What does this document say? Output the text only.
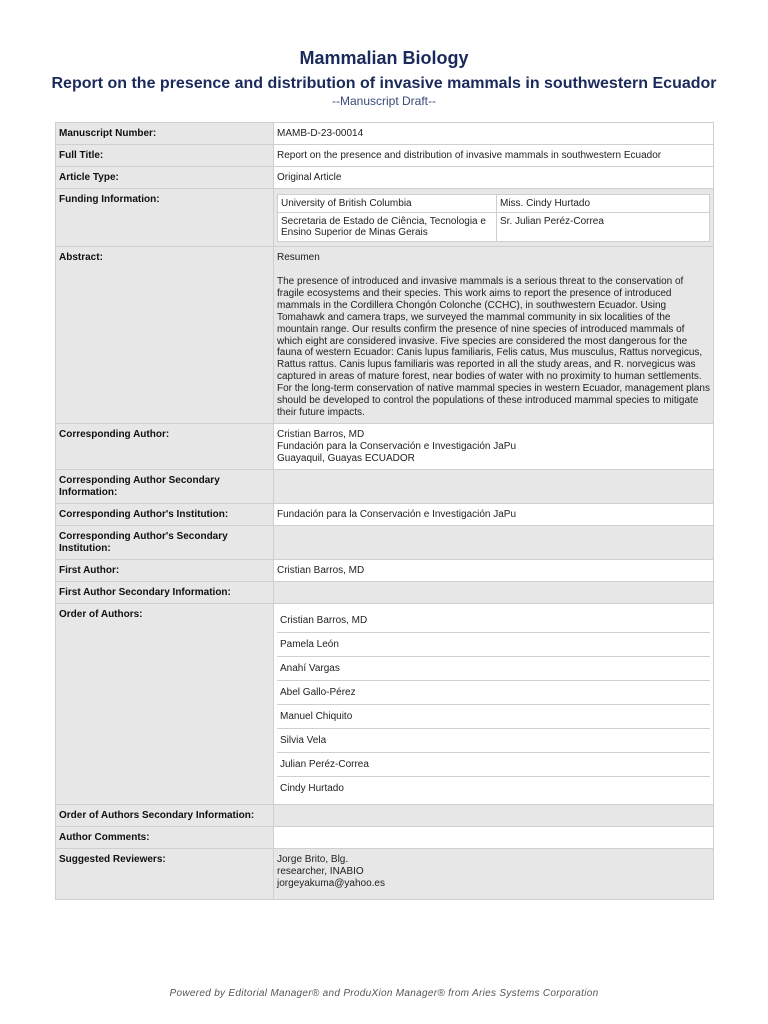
Mammalian Biology
Report on the presence and distribution of invasive mammals in southwestern Ecuador
--Manuscript Draft--
Manuscript Number:	MAMB-D-23-00014
Full Title:	Report on the presence and distribution of invasive mammals in southwestern Ecuador
Article Type:	Original Article
Funding Information:		University of British Columbia	Miss. Cindy Hurtado
Secretaria de Estado de Ciência, Tecnologia e Ensino Superior de Minas Gerais	Sr. Julian Peréz-Correa

Abstract:	Resumen
The presence of introduced and invasive mammals is a serious threat to the conservation of fragile ecosystems and their species. This work aims to report the presence of introduced mammals in the Cordillera Chongón Colonche (CCHC), in southwestern Ecuador. Using Tomahawk and camera traps, we surveyed the mammal community in six localities of the mountain range. Our results confirm the presence of nine species of introduced mammals of which eight are considered invasive. Five species are considered the most dangerous for the fauna of western Ecuador: Canis lupus familiaris, Felis catus, Mus musculus, Rattus norvegicus, Rattus rattus. Canis lupus familiaris was reported in all the study areas, and R. norvegicus was captured in areas of mature forest, near bodies of water with no proximity to human settlements. For the long-term conservation of native mammal species in western Ecuador, management plans should be developed to control the populations of these introduced mammal species to mitigate their future impacts.

Corresponding Author:	Cristian Barros, MD
Fundación para la Conservación e Investigación JaPu
Guayaquil, Guayas ECUADOR

Corresponding Author Secondary Information:	
Corresponding Author's Institution:	Fundación para la Conservación e Investigación JaPu
Corresponding Author's Secondary Institution:	
First Author:	Cristian Barros, MD
First Author Secondary Information:	
Order of Authors:	
Cristian Barros, MD
Pamela León
Anahí Vargas
Abel Gallo-Pérez
Manuel Chiquito
Silvia Vela
Julian Peréz-Correa
Cindy Hurtado

Order of Authors Secondary Information:	
Author Comments:	
Suggested Reviewers:	Jorge Brito, Blg.
researcher, INABIO
jorgeyakuma@yahoo.es
Powered by Editorial Manager® and ProduXion Manager® from Aries Systems Corporation
